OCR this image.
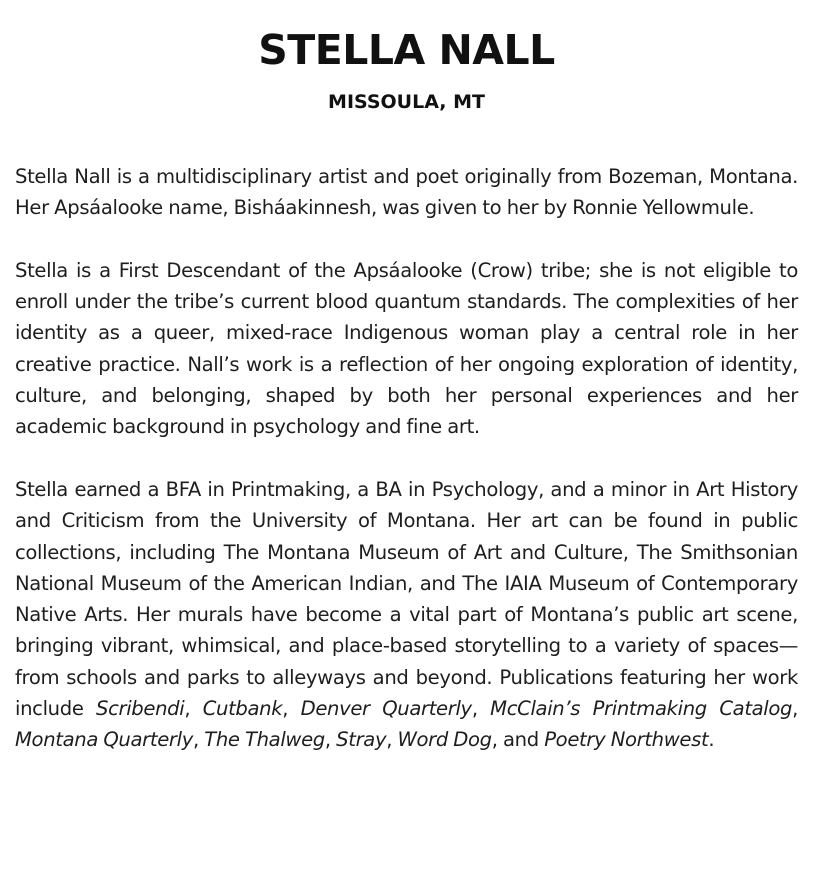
STELLA NALL
MISSOULA, MT

Stella Nall is a multidisciplinary artist and poet originally from Bozeman, Montana. Her Apsáalooke name, Bisháakinnesh, was given to her by Ronnie Yellowmule.

Stella is a First Descendant of the Apsáalooke (Crow) tribe; she is not eligible to enroll under the tribe’s current blood quantum standards. The complexities of her identity as a queer, mixed-race Indigenous woman play a central role in her creative practice. Nall’s work is a reflection of her ongoing exploration of identity, culture, and belonging, shaped by both her personal experiences and her academic background in psychology and fine art.

Stella earned a BFA in Printmaking, a BA in Psychology, and a minor in Art History and Criticism from the University of Montana. Her art can be found in public collections, including The Montana Museum of Art and Culture, The Smithsonian National Museum of the American Indian, and The IAIA Museum of Contemporary Native Arts. Her murals have become a vital part of Montana’s public art scene, bringing vibrant, whimsical, and place-based storytelling to a variety of spaces—from schools and parks to alleyways and beyond. Publications featuring her work include Scribendi, Cutbank, Denver Quarterly, McClain’s Printmaking Catalog, Montana Quarterly, The Thalweg, Stray, Word Dog, and Poetry Northwest.
